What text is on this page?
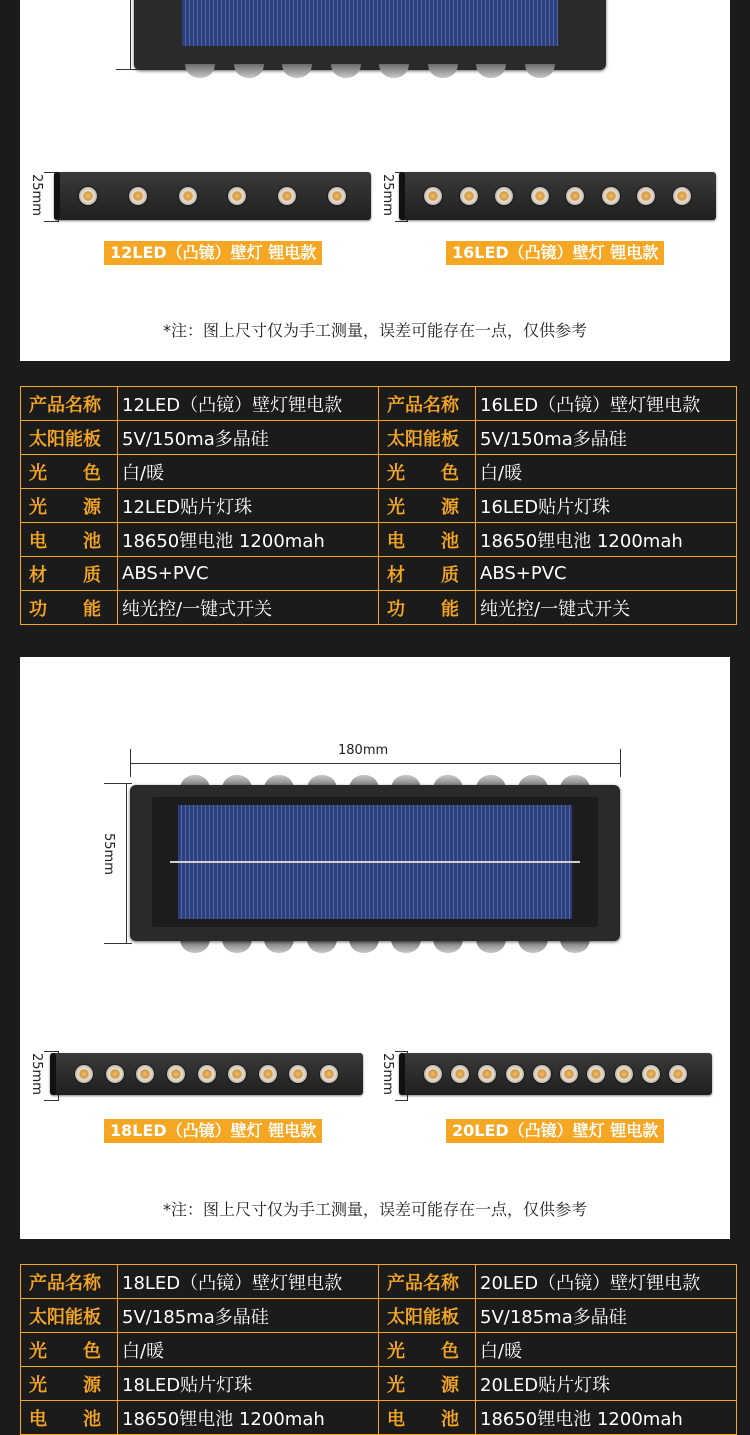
25mm	25mm
12LED（凸镜）壁灯 锂电款	16LED（凸镜）壁灯 锂电款
*注：图上尺寸仅为手工测量，误差可能存在一点，仅供参考
产品名称	12LED（凸镜）壁灯锂电款	产品名称	16LED（凸镜）壁灯锂电款
太阳能板	5V/150ma多晶硅	太阳能板	5V/150ma多晶硅
光　　色	白/暖	光　　色	白/暖
光　　源	12LED贴片灯珠	光　　源	16LED贴片灯珠
电　　池	18650锂电池 1200mah	电　　池	18650锂电池 1200mah
材　　质	ABS+PVC	材　　质	ABS+PVC
功　　能	纯光控/一键式开关	功　　能	纯光控/一键式开关
180mm
55mm
25mm	25mm
18LED（凸镜）壁灯 锂电款	20LED（凸镜）壁灯 锂电款
*注：图上尺寸仅为手工测量，误差可能存在一点，仅供参考
产品名称	18LED（凸镜）壁灯锂电款	产品名称	20LED（凸镜）壁灯锂电款
太阳能板	5V/185ma多晶硅	太阳能板	5V/185ma多晶硅
光　　色	白/暖	光　　色	白/暖
光　　源	18LED贴片灯珠	光　　源	20LED贴片灯珠
电　　池	18650锂电池 1200mah	电　　池	18650锂电池 1200mah
